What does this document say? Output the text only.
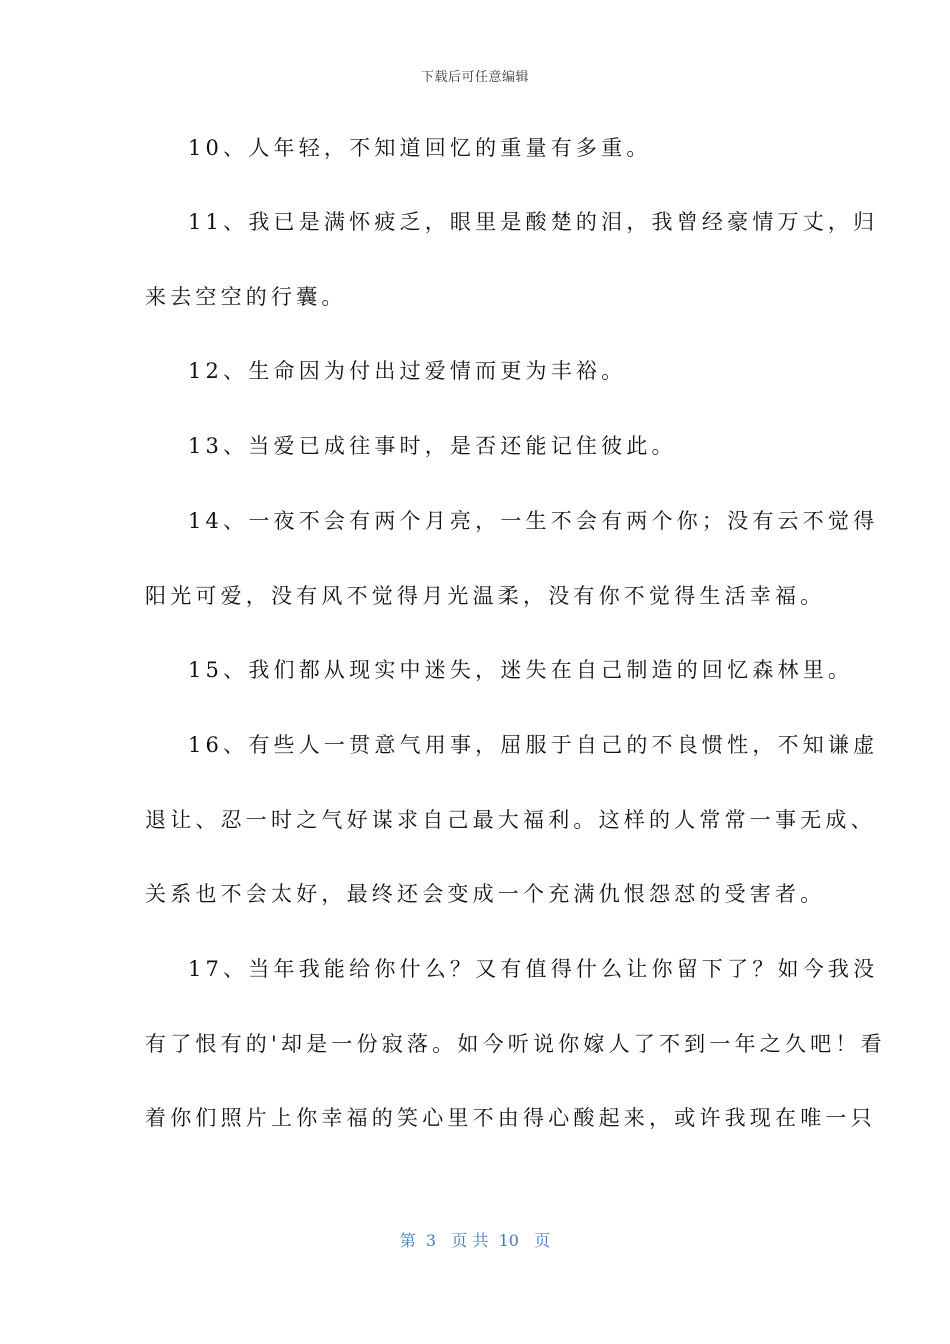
下载后可任意编辑
10、人年轻，不知道回忆的重量有多重。
11、我已是满怀疲乏，眼里是酸楚的泪，我曾经豪情万丈，归
来去空空的行囊。
12、生命因为付出过爱情而更为丰裕。
13、当爱已成往事时，是否还能记住彼此。
14、一夜不会有两个月亮，一生不会有两个你；没有云不觉得
阳光可爱，没有风不觉得月光温柔，没有你不觉得生活幸福。
15、我们都从现实中迷失，迷失在自己制造的回忆森林里。
16、有些人一贯意气用事，屈服于自己的不良惯性，不知谦虚
退让、忍一时之气好谋求自己最大福利。这样的人常常一事无成、
关系也不会太好，最终还会变成一个充满仇恨怨怼的受害者。
17、当年我能给你什么？又有值得什么让你留下了？如今我没
有了恨有的'却是一份寂落。如今听说你嫁人了不到一年之久吧！看
着你们照片上你幸福的笑心里不由得心酸起来，或许我现在唯一只
第  3   页 共  10   页
